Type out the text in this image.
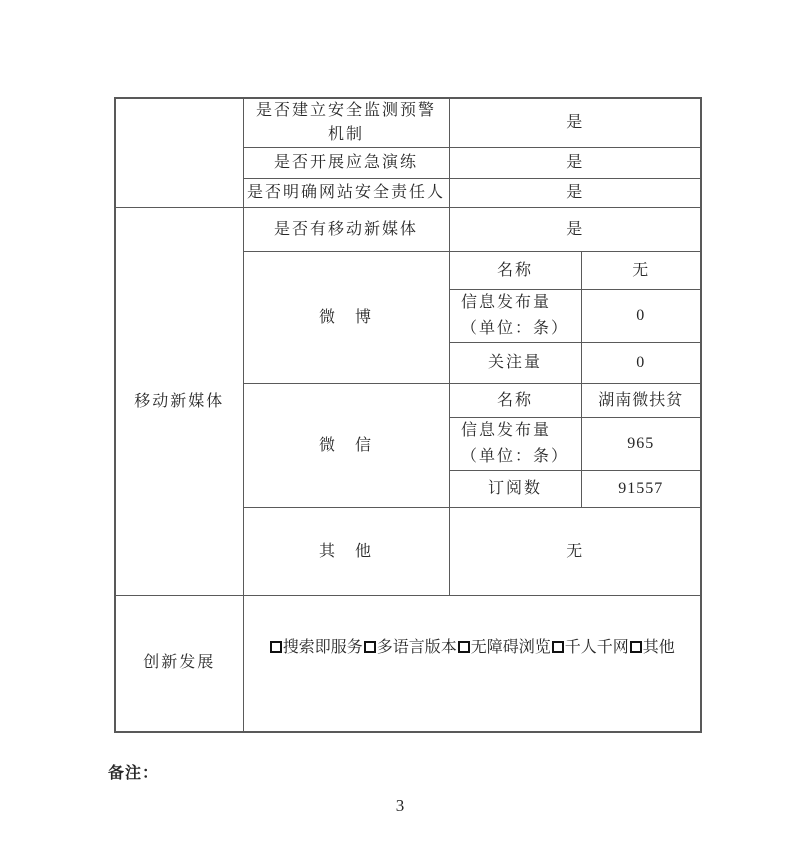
	是否建立安全监测预警
机制	是	
	是否开展应急演练	是	
	是否明确网站安全责任人	是	
移动新媒体	是否有移动新媒体	是	
	微　博	名称	无
		信息发布量
（单位：条）	0
		关注量	0
	微　信	名称	湖南微扶贫
		信息发布量
（单位：条）	965
		订阅数	91557
	其　他	无	
创新发展	搜索即服务 多语言版本 无障碍浏览 千人千网 其他		
备注：
3
